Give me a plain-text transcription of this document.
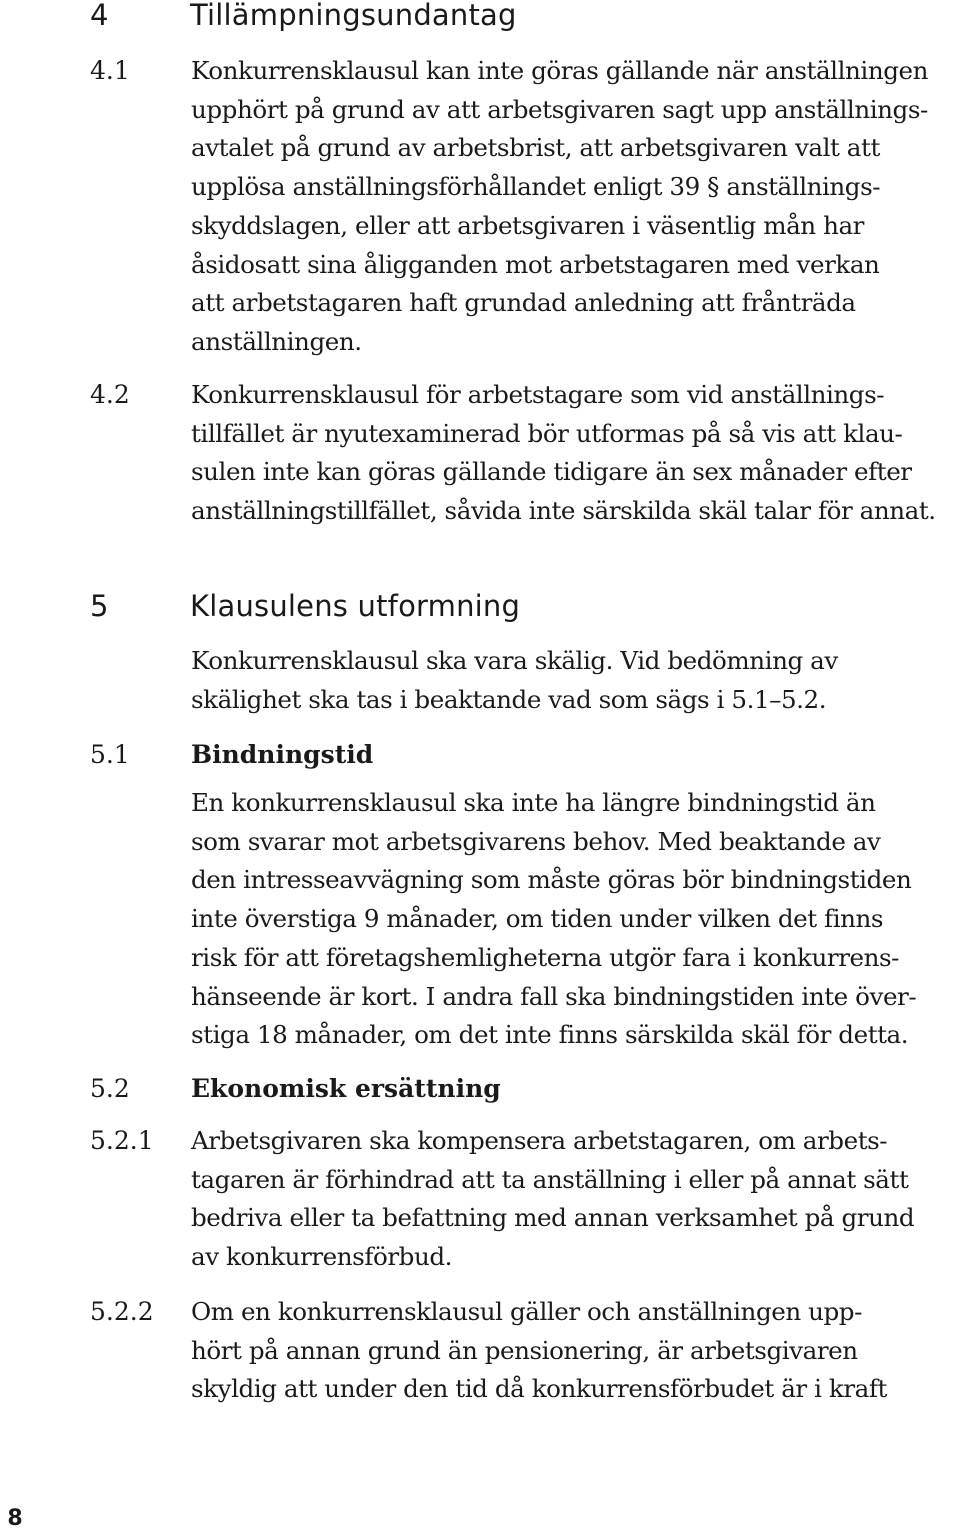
4	Tillämpningsundantag
4.1 Konkurrensklausul kan inte göras gällande när anställningen
upphört på grund av att arbetsgivaren sagt upp anställnings-
avtalet på grund av arbetsbrist, att arbetsgivaren valt att
upplösa anställningsförhållandet enligt 39 § anställnings-
skyddslagen, eller att arbetsgivaren i väsentlig mån har
åsidosatt sina åligganden mot arbetstagaren med verkan
att arbetstagaren haft grundad anledning att frånträda
anställningen.
4.2 Konkurrensklausul för arbetstagare som vid anställnings-
tillfället är nyutexaminerad bör utformas på så vis att klau-
sulen inte kan göras gällande tidigare än sex månader efter
anställningstillfället, såvida inte särskilda skäl talar för annat.
5	Klausulens utformning
Konkurrensklausul ska vara skälig. Vid bedömning av
skälighet ska tas i beaktande vad som sägs i 5.1–5.2.
5.1 Bindningstid
En konkurrensklausul ska inte ha längre bindningstid än
som svarar mot arbetsgivarens behov. Med beaktande av
den intresseavvägning som måste göras bör bindningstiden
inte överstiga 9 månader, om tiden under vilken det finns
risk för att företagshemligheterna utgör fara i konkurrens-
hänseende är kort. I andra fall ska bindningstiden inte över-
stiga 18 månader, om det inte finns särskilda skäl för detta.
5.2 Ekonomisk ersättning
5.2.1 Arbetsgivaren ska kompensera arbetstagaren, om arbets-
tagaren är förhindrad att ta anställning i eller på annat sätt
bedriva eller ta befattning med annan verksamhet på grund
av konkurrensförbud.
5.2.2 Om en konkurrensklausul gäller och anställningen upp-
hört på annan grund än pensionering, är arbetsgivaren
skyldig att under den tid då konkurrensförbudet är i kraft
8
